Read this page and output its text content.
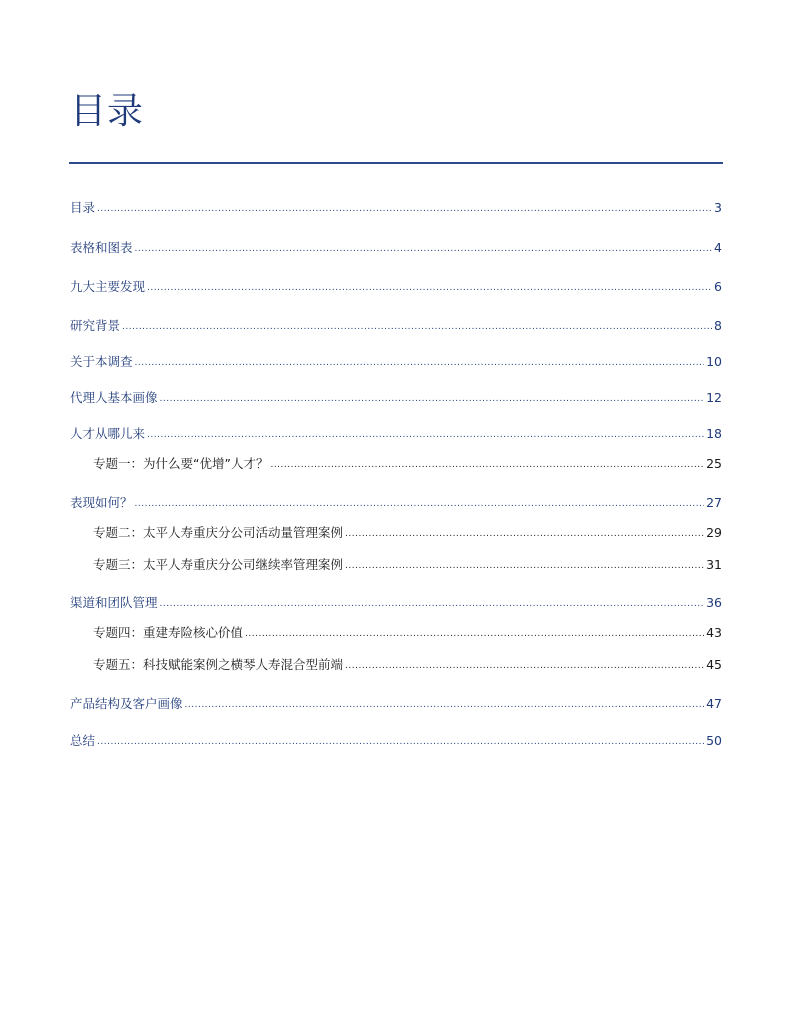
目录
目录 .....	3
表格和图表 .....	4
九大主要发现 .....	6
研究背景 .....	8
关于本调查 .....	10
代理人基本画像 .....	12
人才从哪儿来 .....	18
专题一：为什么要“优增”人才？ .....	25
表现如何？ .....	27
专题二：太平人寿重庆分公司活动量管理案例 .....	29
专题三：太平人寿重庆分公司继续率管理案例 .....	31
渠道和团队管理 .....	36
专题四：重建寿险核心价值 .....	43
专题五：科技赋能案例之横琴人寿混合型前端 .....	45
产品结构及客户画像 .....	47
总结 .....	50
